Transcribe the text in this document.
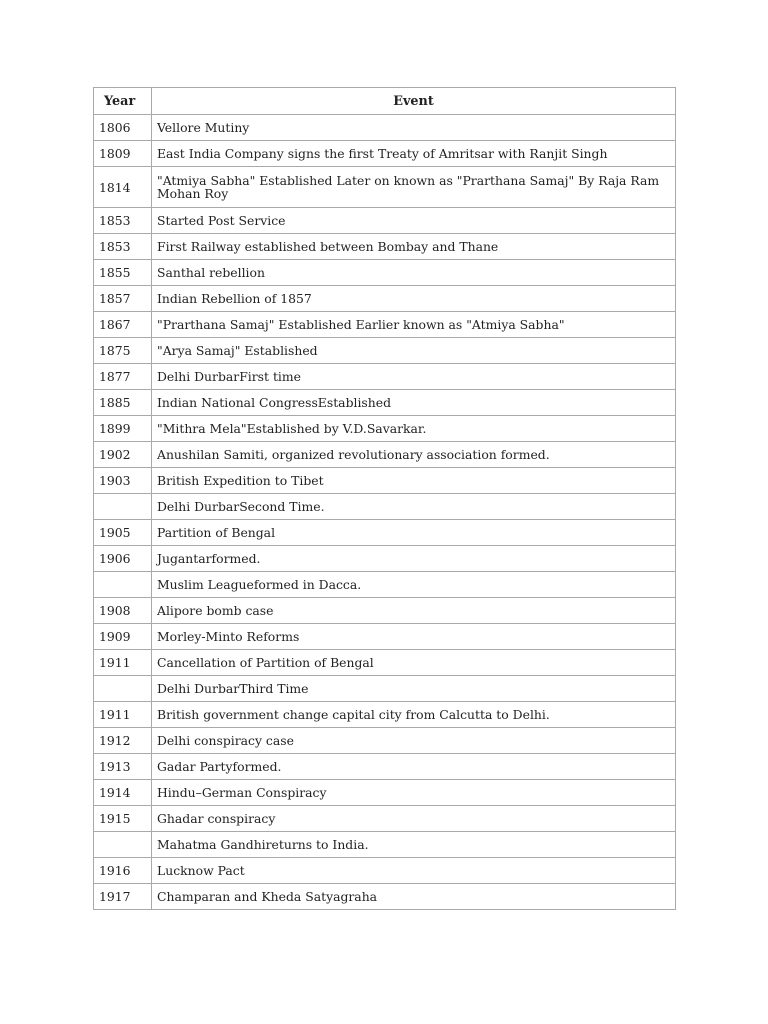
Year	Event
1806	Vellore Mutiny
1809	East India Company signs the first Treaty of Amritsar with Ranjit Singh
1814	"Atmiya Sabha" Established Later on known as "Prarthana Samaj" By Raja Ram Mohan Roy
1853	Started Post Service
1853	First Railway established between Bombay and Thane
1855	Santhal rebellion
1857	Indian Rebellion of 1857
1867	"Prarthana Samaj" Established Earlier known as "Atmiya Sabha"
1875	"Arya Samaj" Established
1877	Delhi DurbarFirst time
1885	Indian National CongressEstablished
1899	"Mithra Mela"Established by V.D.Savarkar.
1902	Anushilan Samiti, organized revolutionary association formed.
1903	British Expedition to Tibet
	Delhi DurbarSecond Time.
1905	Partition of Bengal
1906	Jugantarformed.
	Muslim Leagueformed in Dacca.
1908	Alipore bomb case
1909	Morley-Minto Reforms
1911	Cancellation of Partition of Bengal
	Delhi DurbarThird Time
1911	British government change capital city from Calcutta to Delhi.
1912	Delhi conspiracy case
1913	Gadar Partyformed.
1914	Hindu–German Conspiracy
1915	Ghadar conspiracy
	Mahatma Gandhireturns to India.
1916	Lucknow Pact
1917	Champaran and Kheda Satyagraha
